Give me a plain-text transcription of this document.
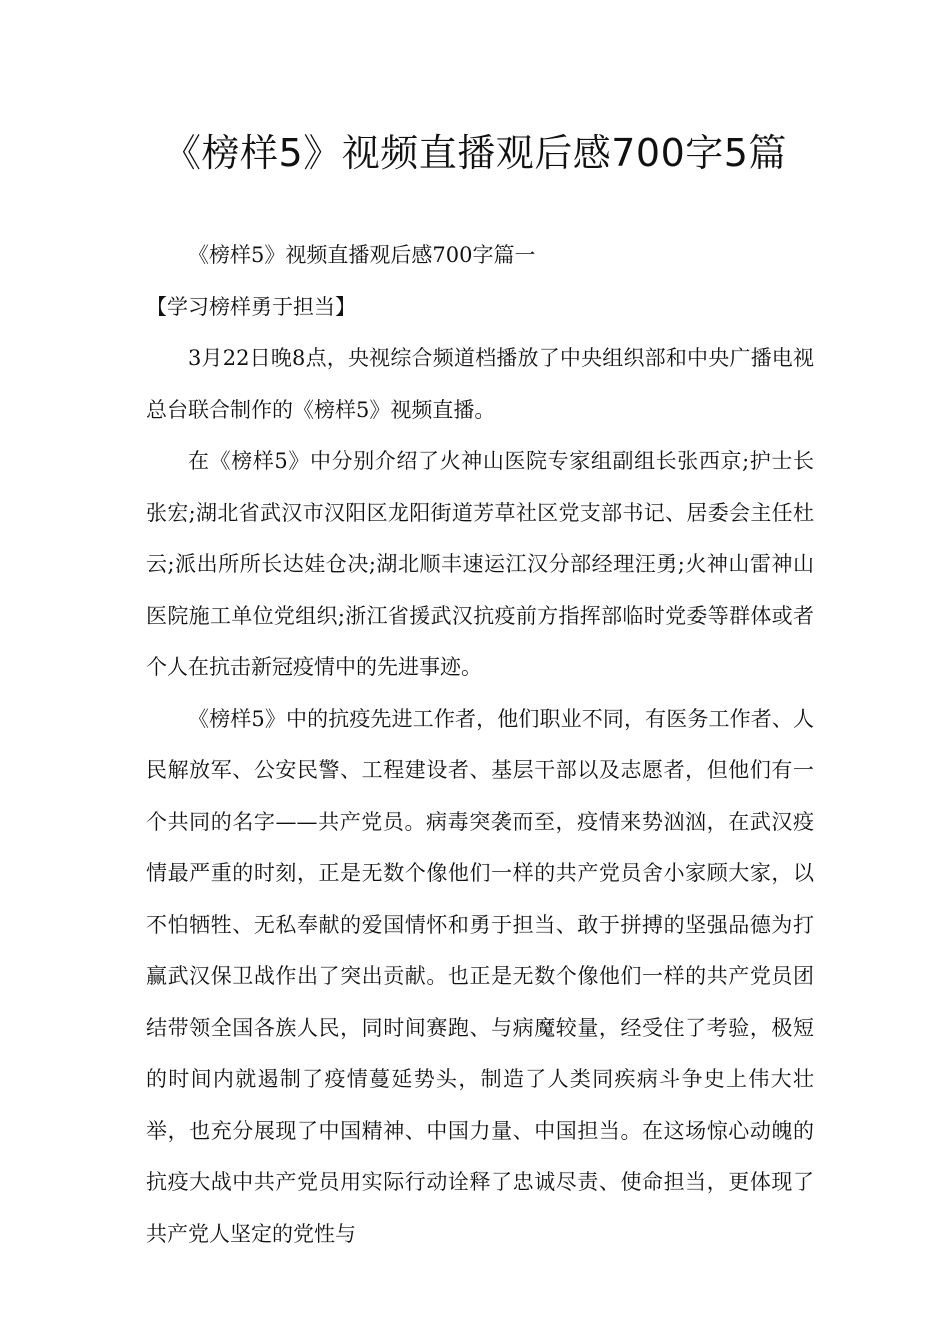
《榜样5》视频直播观后感700字5篇

《榜样5》视频直播观后感700字篇一

【学习榜样勇于担当】

3月22日晚8点，央视综合频道档播放了中央组织部和中央广播电视总台联合制作的《榜样5》视频直播。

在《榜样5》中分别介绍了火神山医院专家组副组长张西京;护士长张宏;湖北省武汉市汉阳区龙阳街道芳草社区党支部书记、居委会主任杜云;派出所所长达娃仓决;湖北顺丰速运江汉分部经理汪勇;火神山雷神山医院施工单位党组织;浙江省援武汉抗疫前方指挥部临时党委等群体或者个人在抗击新冠疫情中的先进事迹。

《榜样5》中的抗疫先进工作者，他们职业不同，有医务工作者、人民解放军、公安民警、工程建设者、基层干部以及志愿者，但他们有一个共同的名字——共产党员。病毒突袭而至，疫情来势汹汹，在武汉疫情最严重的时刻，正是无数个像他们一样的共产党员舍小家顾大家，以不怕牺牲、无私奉献的爱国情怀和勇于担当、敢于拼搏的坚强品德为打赢武汉保卫战作出了突出贡献。也正是无数个像他们一样的共产党员团结带领全国各族人民，同时间赛跑、与病魔较量，经受住了考验，极短的时间内就遏制了疫情蔓延势头，制造了人类同疾病斗争史上伟大壮举，也充分展现了中国精神、中国力量、中国担当。在这场惊心动魄的抗疫大战中共产党员用实际行动诠释了忠诚尽责、使命担当，更体现了共产党人坚定的党性与
